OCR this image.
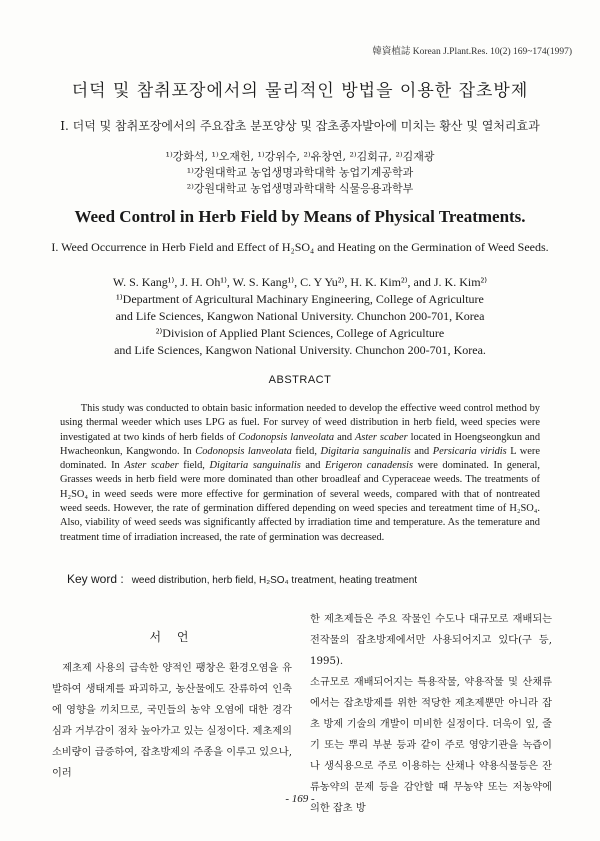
韓資植誌 Korean J.Plant.Res. 10(2) 169~174(1997)
더덕 및 참취포장에서의 물리적인 방법을 이용한 잡초방제
I. 더덕 및 참취포장에서의 주요잡초 분포양상 및 잡초종자발아에 미치는 황산 및 열처리효과
¹⁾강화석, ¹⁾오재헌, ¹⁾강위수, ²⁾유창연, ²⁾김회규, ²⁾김재광
¹⁾강원대학교 농업생명과학대학 농업기계공학과
²⁾강원대학교 농업생명과학대학 식물응용과학부
Weed Control in Herb Field by Means of Physical Treatments.
I. Weed Occurrence in Herb Field and Effect of H₂SO₄ and Heating on the Germination of Weed Seeds.
W. S. Kang¹⁾, J. H. Oh¹⁾, W. S. Kang¹⁾, C. Y Yu²⁾, H. K. Kim²⁾, and J. K. Kim²⁾
¹⁾Department of Agricultural Machinary Engineering, College of Agriculture
and Life Sciences, Kangwon National University. Chunchon 200-701, Korea
²⁾Division of Applied Plant Sciences, College of Agriculture
and Life Sciences, Kangwon National University. Chunchon 200-701, Korea.
ABSTRACT

This study was conducted to obtain basic information needed to develop the effective weed control method by using thermal weeder which uses LPG as fuel. For survey of weed distribution in herb field, weed species were investigated at two kinds of herb fields of Codonopsis lanveolata and Aster scaber located in Hoengseongkun and Hwacheonkun, Kangwondo. In Codonopsis lanveolata field, Digitaria sanguinalis and Persicaria viridis L were dominated. In Aster scaber field, Digitaria sanguinalis and Erigeron canadensis were dominated. In general, Grasses weeds in herb field were more dominated than other broadleaf and Cyperaceae weeds. The treatments of H₂SO₄ in weed seeds were more effective for germination of several weeds, compared with that of nontreated weed seeds. However, the rate of germination differed depending on weed species and tereatment time of H₂SO₄. Also, viability of weed seeds was significantly affected by irradiation time and temperature. As the temerature and treatment time of irradiation increased, the rate of germination was decreased.

Key word : weed distribution, herb field, H₂SO₄ treatment, heating treatment
서 언

제초제 사용의 급속한 양적인 팽창은 환경오염을 유발하여 생태계를 파괴하고, 농산물에도 잔류하여 인축에 영향을 끼치므로, 국민들의 농약 오염에 대한 경각심과 거부감이 점차 높아가고 있는 실정이다. 제초제의 소비량이 급증하여, 잡초방제의 주종을 이루고 있으나, 이러

한 제초제들은 주요 작물인 수도나 대규모로 재배되는 전작물의 잡초방제에서만 사용되어지고 있다(구 등, 1995).

소규모로 재배되어지는 특용작물, 약용작물 및 산채류에서는 잡초방제를 위한 적당한 제초제뿐만 아니라 잡초 방제 기술의 개발이 미비한 실정이다. 더욱이 잎, 줄기 또는 뿌리 부분 등과 같이 주로 영양기관을 녹즙이나 생식용으로 주로 이용하는 산채나 약용식물등은 잔류농약의 문제 등을 감안할 때 무농약 또는 저농약에 의한 잡초 방

- 169 -
